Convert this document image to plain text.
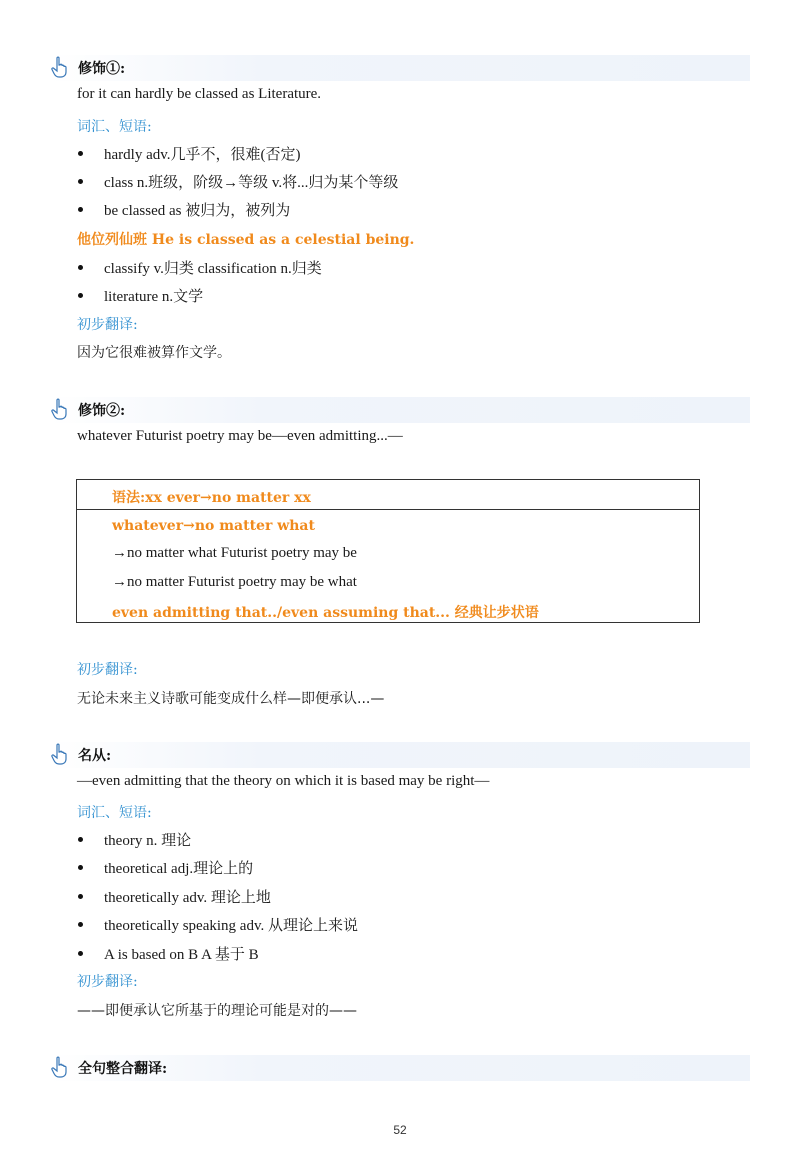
修饰①:
for it can hardly be classed as Literature.
词汇、短语:
hardly adv.几乎不，很难(否定)
class n.班级，阶级→等级 v.将...归为某个等级
be classed as 被归为，被列为
他位列仙班 He is classed as a celestial being.
classify v.归类 classification n.归类
literature n.文学
初步翻译:
因为它很难被算作文学。
修饰②:
whatever Futurist poetry may be—even admitting...—
语法:xx ever→no matter xx
whatever→no matter what
→no matter what Futurist poetry may be
→no matter Futurist poetry may be what
even admitting that../even assuming that... 经典让步状语
初步翻译:
无论未来主义诗歌可能变成什么样—即便承认...—
名从:
—even admitting that the theory on which it is based may be right—
词汇、短语:
theory n. 理论
theoretical adj.理论上的
theoretically adv. 理论上地
theoretically speaking adv. 从理论上来说
A is based on B A 基于 B
初步翻译:
——即便承认它所基于的理论可能是对的——
全句整合翻译:
52
